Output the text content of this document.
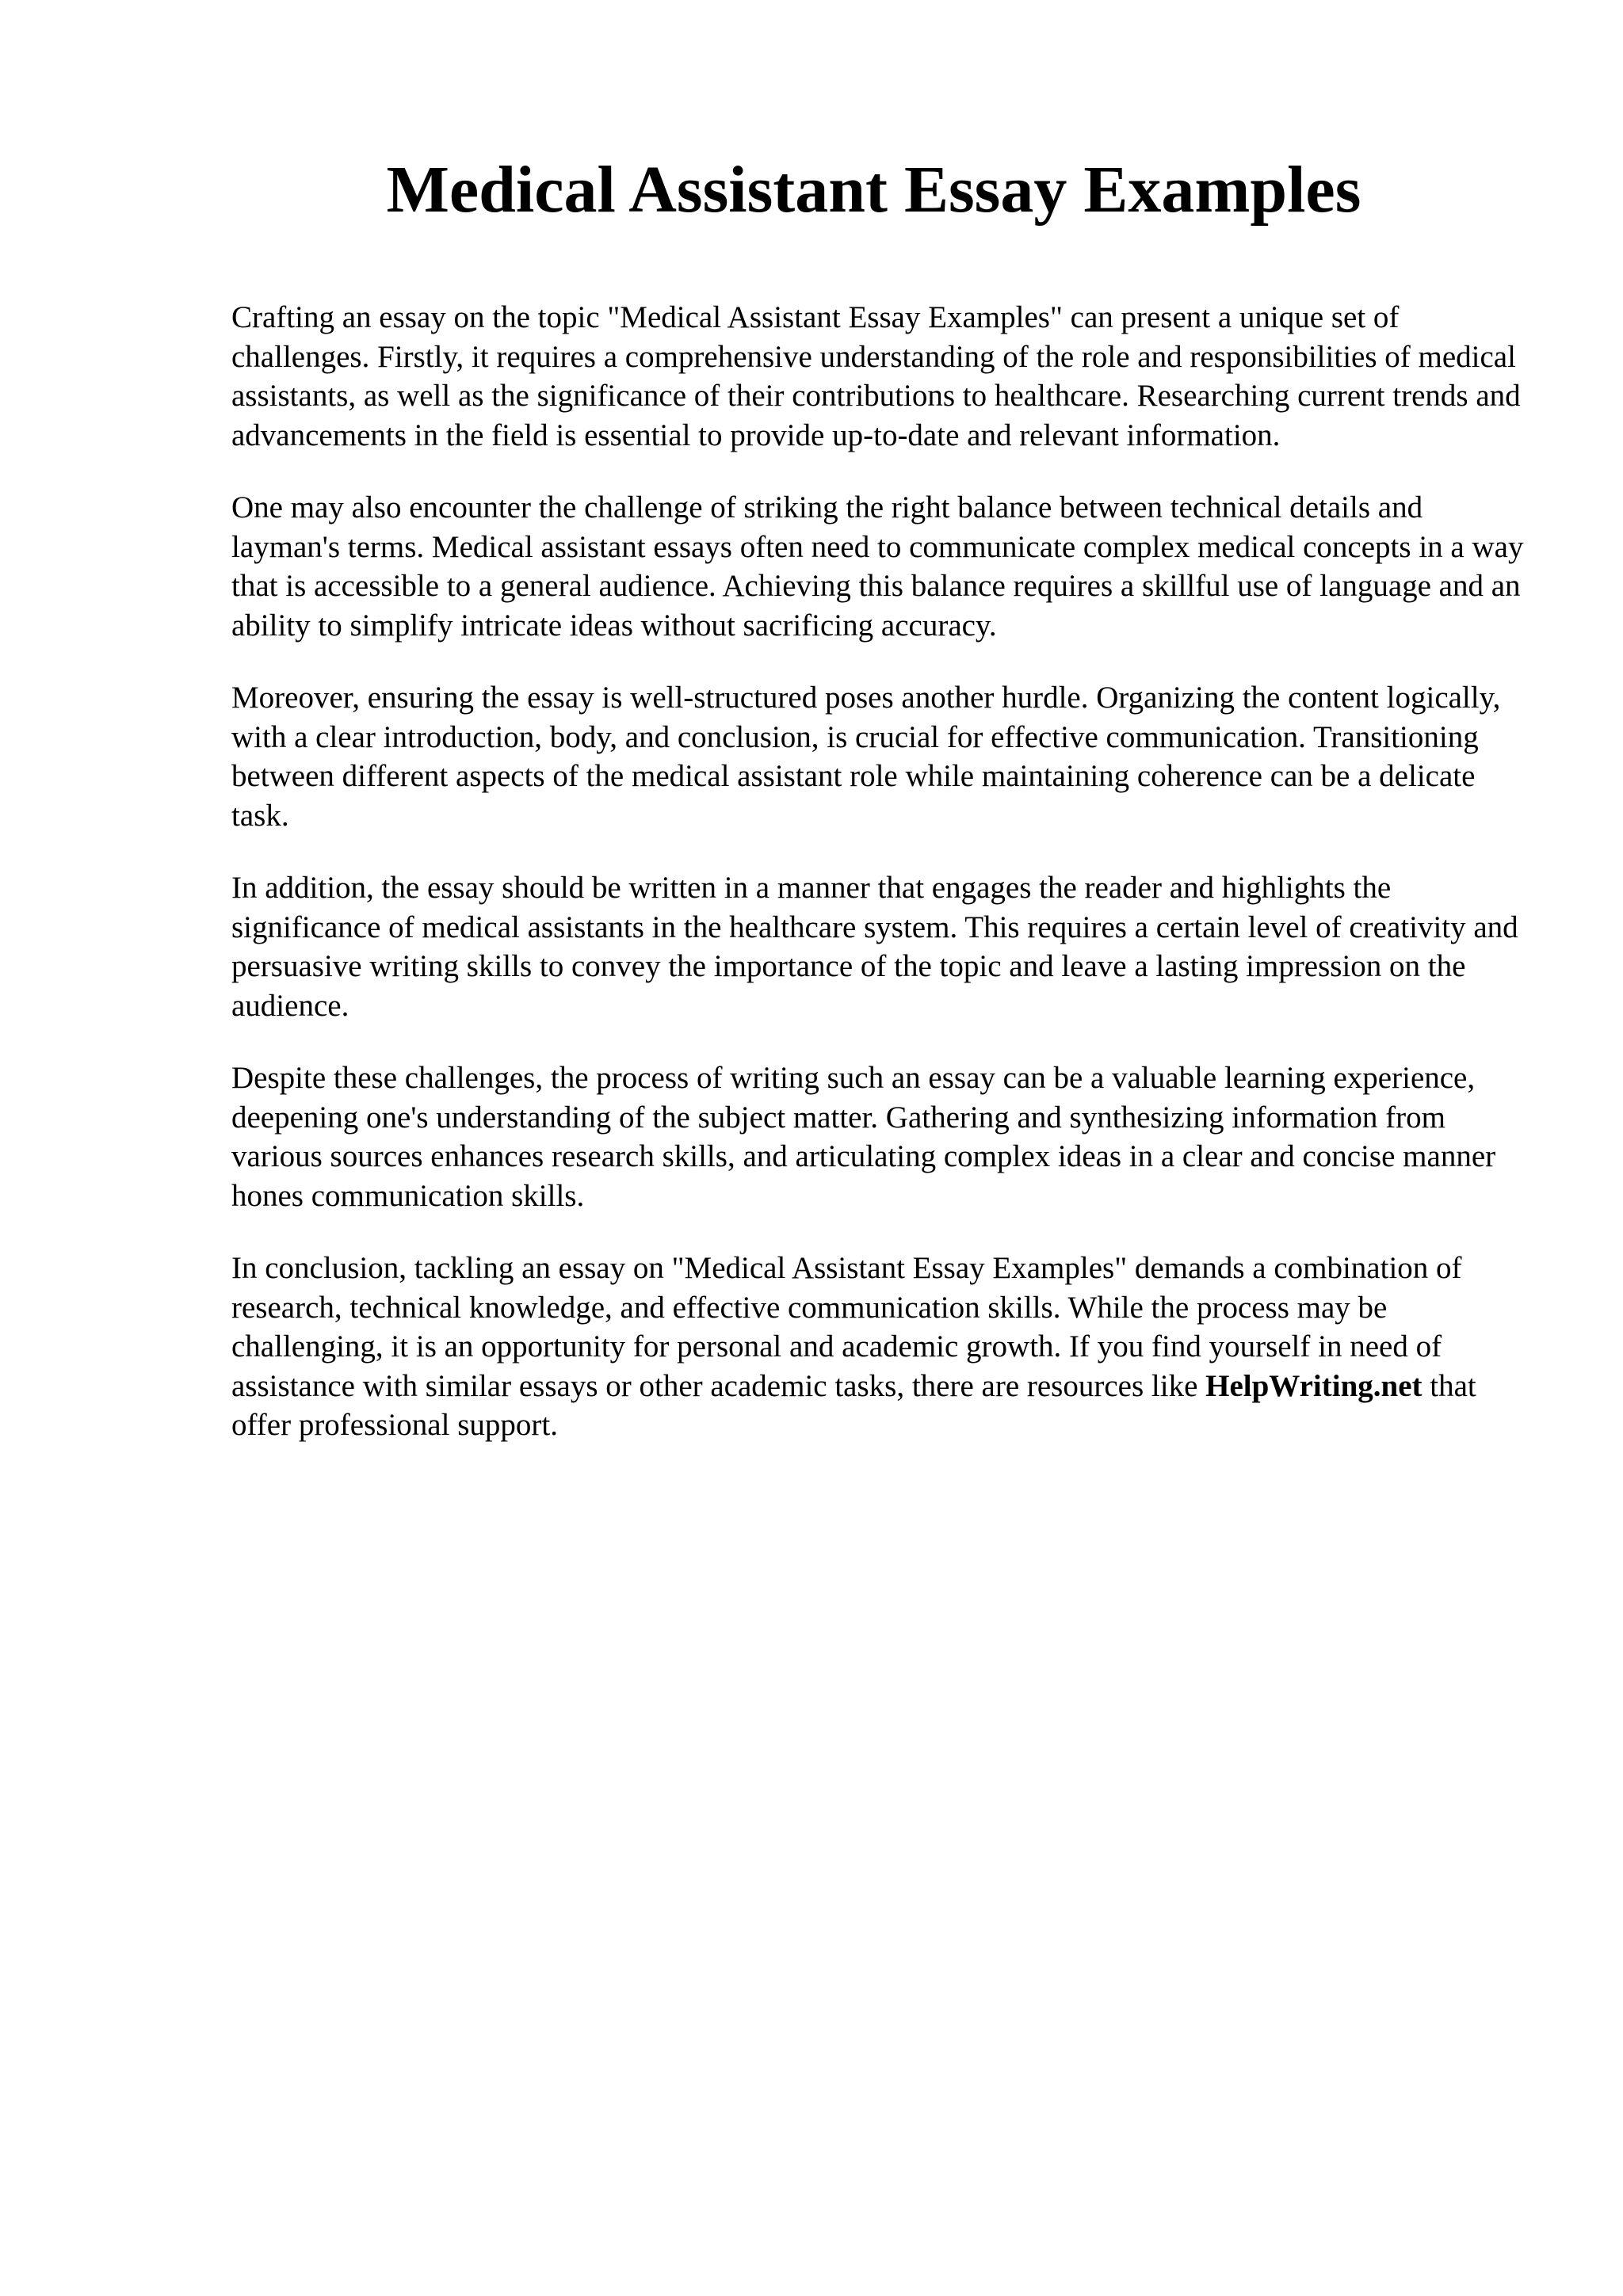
Medical Assistant Essay Examples

Crafting an essay on the topic "Medical Assistant Essay Examples" can present a unique set of challenges. Firstly, it requires a comprehensive understanding of the role and responsibilities of medical assistants, as well as the significance of their contributions to healthcare. Researching current trends and advancements in the field is essential to provide up-to-date and relevant information.

One may also encounter the challenge of striking the right balance between technical details and layman's terms. Medical assistant essays often need to communicate complex medical concepts in a way that is accessible to a general audience. Achieving this balance requires a skillful use of language and an ability to simplify intricate ideas without sacrificing accuracy.

Moreover, ensuring the essay is well-structured poses another hurdle. Organizing the content logically, with a clear introduction, body, and conclusion, is crucial for effective communication. Transitioning between different aspects of the medical assistant role while maintaining coherence can be a delicate task.

In addition, the essay should be written in a manner that engages the reader and highlights the significance of medical assistants in the healthcare system. This requires a certain level of creativity and persuasive writing skills to convey the importance of the topic and leave a lasting impression on the audience.

Despite these challenges, the process of writing such an essay can be a valuable learning experience, deepening one's understanding of the subject matter. Gathering and synthesizing information from various sources enhances research skills, and articulating complex ideas in a clear and concise manner hones communication skills.

In conclusion, tackling an essay on "Medical Assistant Essay Examples" demands a combination of research, technical knowledge, and effective communication skills. While the process may be challenging, it is an opportunity for personal and academic growth. If you find yourself in need of assistance with similar essays or other academic tasks, there are resources like HelpWriting.net that offer professional support.
